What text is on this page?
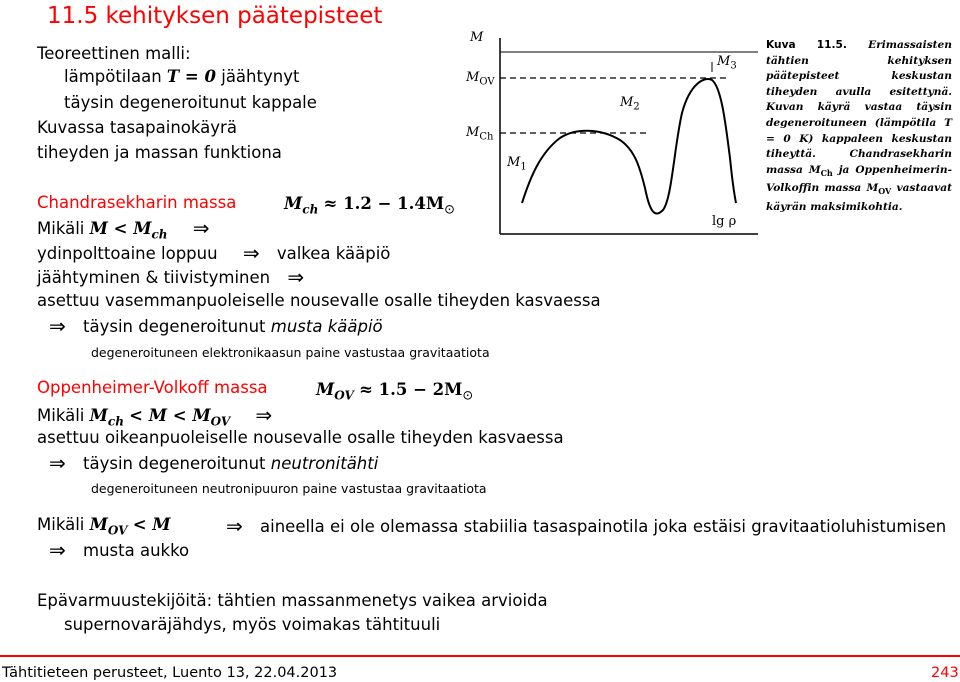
11.5 kehityksen päätepisteet
Teoreettinen malli:
lämpötilaan T = 0 jäähtynyt
täysin degeneroitunut kappale
Kuvassa tasapainokäyrä
tiheyden ja massan funktiona
Chandrasekharin massa	$M_{ch} \approx 1.2 - 1.4M_⊙$
Mikäli $M < M_{ch}$ ⇒
ydinpolttoaine loppuu ⇒ valkea kääpiö
jäähtyminen & tiivistyminen ⇒
asettuu vasemmanpuoleiselle nousevalle osalle tiheyden kasvaessa
⇒ täysin degeneroitunut musta kääpiö
degeneroituneen elektronikaasun paine vastustaa gravitaatiota
Oppenheimer-Volkoff massa	$M_{OV} \approx 1.5 - 2M_⊙$
Mikäli $M_{ch} < M < M_{OV}$ ⇒
asettuu oikeanpuoleiselle nousevalle osalle tiheyden kasvaessa
⇒ täysin degeneroitunut neutronitähti
degeneroituneen neutronipuuron paine vastustaa gravitaatiota
Mikäli $M_{OV} < M$	⇒ aineella ei ole olemassa stabiilia tasaspainotila joka estäisi gravitaatioluhistumisen
⇒ musta aukko
Epävarmuustekijöitä: tähtien massanmenetys vaikea arvioida
supernovaräjähdys, myös voimakas tähtituuli
Tähtitieteen perusteet, Luento 13, 22.04.2013	243
M
$M_{OV}$
$M_{Ch}$
$M_1$
$M_2$
$M_3$
lg ρ
Kuva 11.5. Erimassaisten tähtien kehityksen päätepisteet keskustan tiheyden avulla esitettynä. Kuvan käyrä vastaa täysin degeneroituneen (lämpötila T = 0 K) kappaleen keskustan tiheyttä. Chandrasekharin massa $M_{Ch}$ ja Oppenheimerin-Volkoffin massa $M_{OV}$ vastaavat käyrän maksimikohtia.
